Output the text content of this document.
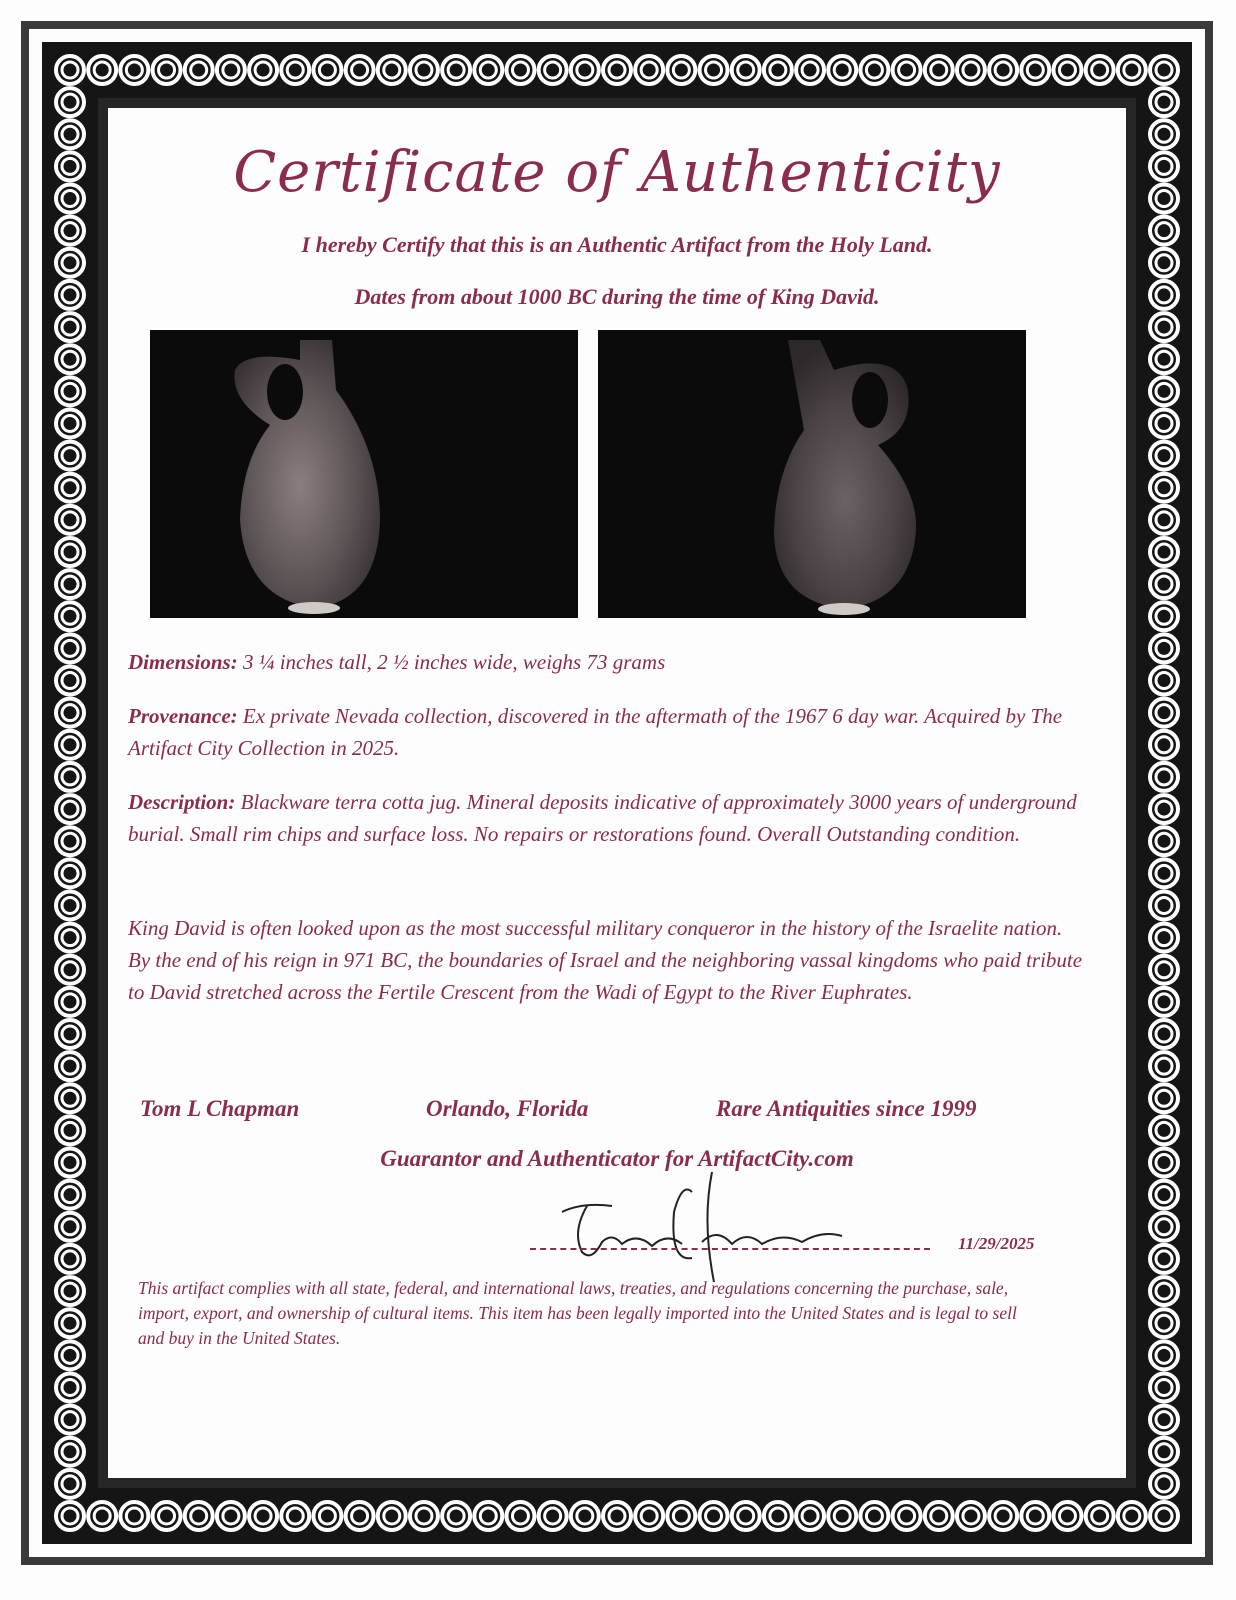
Certificate of Authenticity
I hereby Certify that this is an Authentic Artifact from the Holy Land.
Dates from about 1000 BC during the time of King David.
Dimensions: 3 ¼ inches tall, 2 ½ inches wide, weighs 73 grams
Provenance: Ex private Nevada collection, discovered in the aftermath of the 1967 6 day war. Acquired by The Artifact City Collection in 2025.
Description: Blackware terra cotta jug. Mineral deposits indicative of approximately 3000 years of underground burial. Small rim chips and surface loss. No repairs or restorations found. Overall Outstanding condition.
King David is often looked upon as the most successful military conqueror in the history of the Israelite nation. By the end of his reign in 971 BC, the boundaries of Israel and the neighboring vassal kingdoms who paid tribute to David stretched across the Fertile Crescent from the Wadi of Egypt to the River Euphrates.
Tom L Chapman	Orlando, Florida	Rare Antiquities since 1999
Guarantor and Authenticator for ArtifactCity.com
11/29/2025
This artifact complies with all state, federal, and international laws, treaties, and regulations concerning the purchase, sale, import, export, and ownership of cultural items. This item has been legally imported into the United States and is legal to sell and buy in the United States.
